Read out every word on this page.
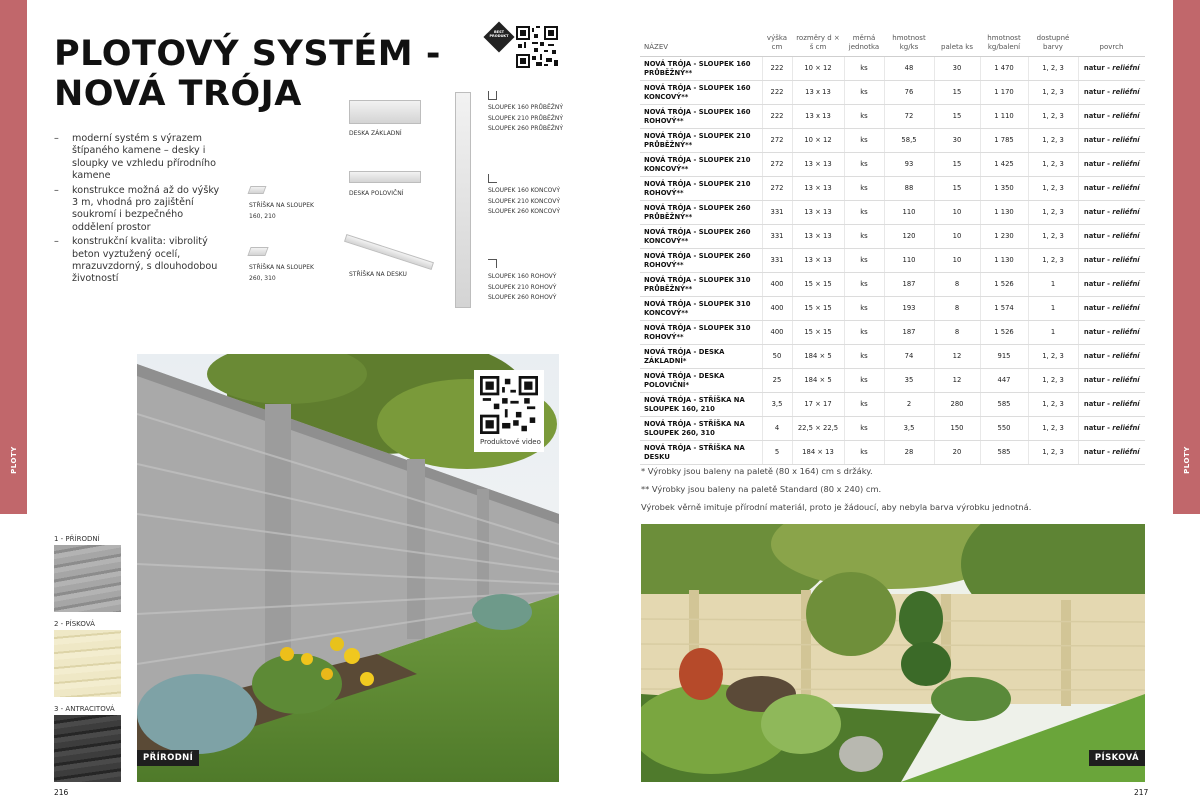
PLOTY	PLOTY
PLOTOVÝ SYSTÉM -
NOVÁ TRÓJA
– moderní systém s výrazem štípaného kamene – desky i sloupky ve vzhledu přírodního kamene
– konstrukce možná až do výšky 3 m, vhodná pro zajištění soukromí i bezpečného oddělení prostor
– konstrukční kvalita: vibrolitý beton vyztužený ocelí, mrazuvzdorný, s dlouhodobou životností
BEST PRODUKT
DESKA ZÁKLADNÍ
DESKA POLOVIČNÍ
STŘÍŠKA NA DESKU
STŘÍŠKA NA SLOUPEK 160, 210
STŘÍŠKA NA SLOUPEK 260, 310
SLOUPEK 160 PRŮBĚŽNÝ
SLOUPEK 210 PRŮBĚŽNÝ
SLOUPEK 260 PRŮBĚŽNÝ
SLOUPEK 160 KONCOVÝ
SLOUPEK 210 KONCOVÝ
SLOUPEK 260 KONCOVÝ
SLOUPEK 160 ROHOVÝ
SLOUPEK 210 ROHOVÝ
SLOUPEK 260 ROHOVÝ
Produktové video
PŘÍRODNÍ
1 - PŘÍRODNÍ
2 - PÍSKOVÁ
3 - ANTRACITOVÁ
216	217
NÁZEV	výška cm	rozměry d × š cm	měrná jednotka	hmotnost kg/ks	paleta ks	hmotnost kg/balení	dostupné barvy	povrch
NOVÁ TRÓJA - SLOUPEK 160 PRŮBĚŽNÝ**	222	10 × 12	ks	48	30	1 470	1, 2, 3	natur - reliéfní
NOVÁ TRÓJA - SLOUPEK 160 KONCOVÝ**	222	13 x 13	ks	76	15	1 170	1, 2, 3	natur - reliéfní
NOVÁ TRÓJA - SLOUPEK 160 ROHOVÝ**	222	13 x 13	ks	72	15	1 110	1, 2, 3	natur - reliéfní
NOVÁ TRÓJA - SLOUPEK 210 PRŮBĚŽNÝ**	272	10 × 12	ks	58,5	30	1 785	1, 2, 3	natur - reliéfní
NOVÁ TRÓJA - SLOUPEK 210 KONCOVÝ**	272	13 × 13	ks	93	15	1 425	1, 2, 3	natur - reliéfní
NOVÁ TRÓJA - SLOUPEK 210 ROHOVÝ**	272	13 × 13	ks	88	15	1 350	1, 2, 3	natur - reliéfní
NOVÁ TRÓJA - SLOUPEK 260 PRŮBĚŽNÝ**	331	13 × 13	ks	110	10	1 130	1, 2, 3	natur - reliéfní
NOVÁ TRÓJA - SLOUPEK 260 KONCOVÝ**	331	13 × 13	ks	120	10	1 230	1, 2, 3	natur - reliéfní
NOVÁ TRÓJA - SLOUPEK 260 ROHOVÝ**	331	13 × 13	ks	110	10	1 130	1, 2, 3	natur - reliéfní
NOVÁ TRÓJA - SLOUPEK 310 PRŮBĚŽNÝ**	400	15 × 15	ks	187	8	1 526	1	natur - reliéfní
NOVÁ TRÓJA - SLOUPEK 310 KONCOVÝ**	400	15 × 15	ks	193	8	1 574	1	natur - reliéfní
NOVÁ TRÓJA - SLOUPEK 310 ROHOVÝ**	400	15 × 15	ks	187	8	1 526	1	natur - reliéfní
NOVÁ TRÓJA - DESKA ZÁKLADNÍ*	50	184 × 5	ks	74	12	915	1, 2, 3	natur - reliéfní
NOVÁ TRÓJA - DESKA POLOVIČNÍ*	25	184 × 5	ks	35	12	447	1, 2, 3	natur - reliéfní
NOVÁ TRÓJA - STŘÍŠKA NA SLOUPEK 160, 210	3,5	17 × 17	ks	2	280	585	1, 2, 3	natur - reliéfní
NOVÁ TRÓJA - STŘÍŠKA NA SLOUPEK 260, 310	4	22,5 × 22,5	ks	3,5	150	550	1, 2, 3	natur - reliéfní
NOVÁ TRÓJA - STŘÍŠKA NA DESKU	5	184 × 13	ks	28	20	585	1, 2, 3	natur - reliéfní
* Výrobky jsou baleny na paletě (80 x 164) cm s držáky.
** Výrobky jsou baleny na paletě Standard (80 x 240) cm.
Výrobek věrně imituje přírodní materiál, proto je žádoucí, aby nebyla barva výrobku jednotná.
PÍSKOVÁ
